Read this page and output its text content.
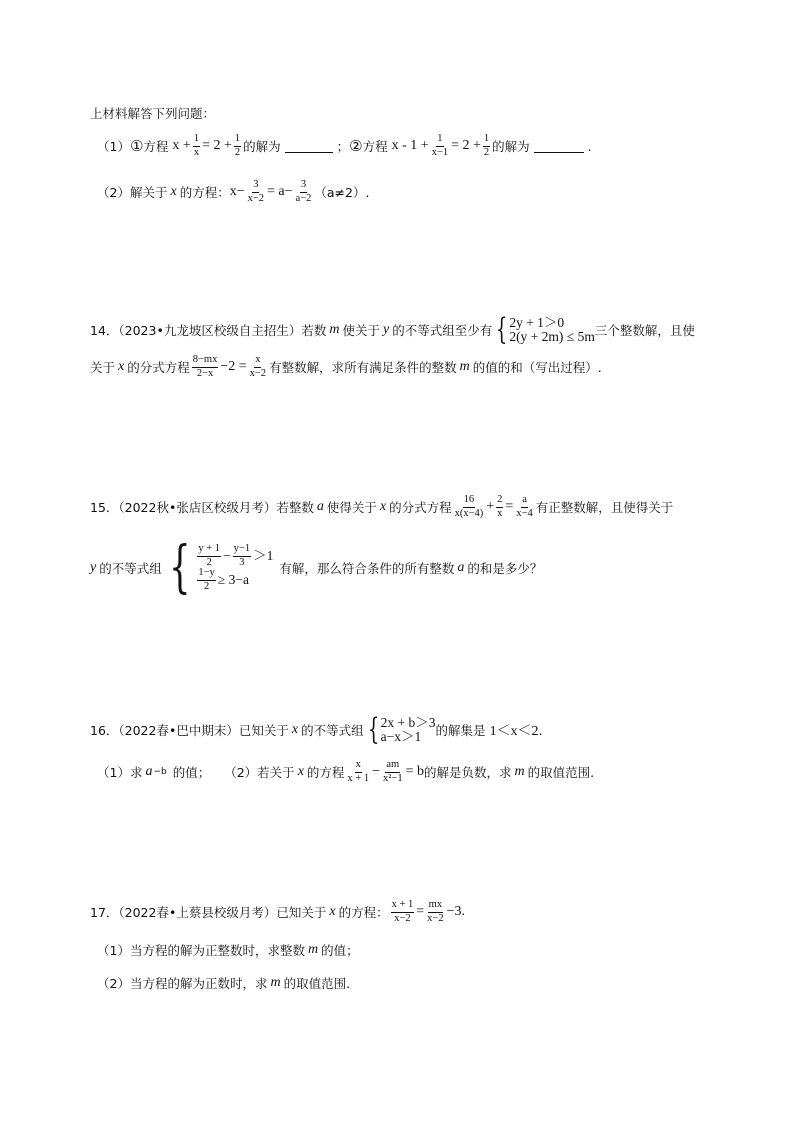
上材料解答下列问题：
（1） ① 方程 $x + \frac{1}{x} = 2 + \frac{1}{2}$ 的解为	； ② 方程 $x - 1 + \frac{1}{x-1} = 2 + \frac{1}{2}$ 的解为	.
（2） 解关于 x 的方程： $x- \frac{3}{x-2} = a- \frac{3}{a-2} (a\ne 2)$.
14．（2023•九龙坡区校级自主招生）若数 m 使关于 y 的不等式组至少有 { 2y + 1＞0
2(y + 2m) ≤ 5m 三个整数解，且使
关于 x 的分式方程 $\frac{8-mx}{2-x} -2 = \frac{x}{x-2}$ 有整数解，求所有满足条件的整数 m 的值的和（写出过程）.
15．（2022秋•张店区校级月考）若整数 a 使得关于 x 的分式方程 $\frac{16}{x(x-4)} + \frac{2}{x} = \frac{a}{x-4}$ 有正整数解，且使得关于
y 的不等式组 { $\frac{y + 1}{2} - \frac{y-1}{3} >1$
$\frac{1-y}{2} \ge 3-a$
有解，那么符合条件的所有整数 a 的和是多少？
16．（2022春•巴中期末）已知关于 x 的不等式组 { 2x + b＞3
a−x＞1	的解集是 1＜x＜2 .
（1）求 a −b 的值； （2）若关于 x 的方程 $\frac{x}{x + 1} - \frac{am}{\text{x²−1}} = b$ 的解是负数，求 m 的取值范围.
17．（2022春•上蔡县校级月考）已知关于 x 的方程： $\frac{x + 1}{x-2} = \frac{mx}{x-2} -3$.
（1）当方程的解为正整数时，求整数 m 的值；
（2）当方程的解为正数时，求 m 的取值范围.
